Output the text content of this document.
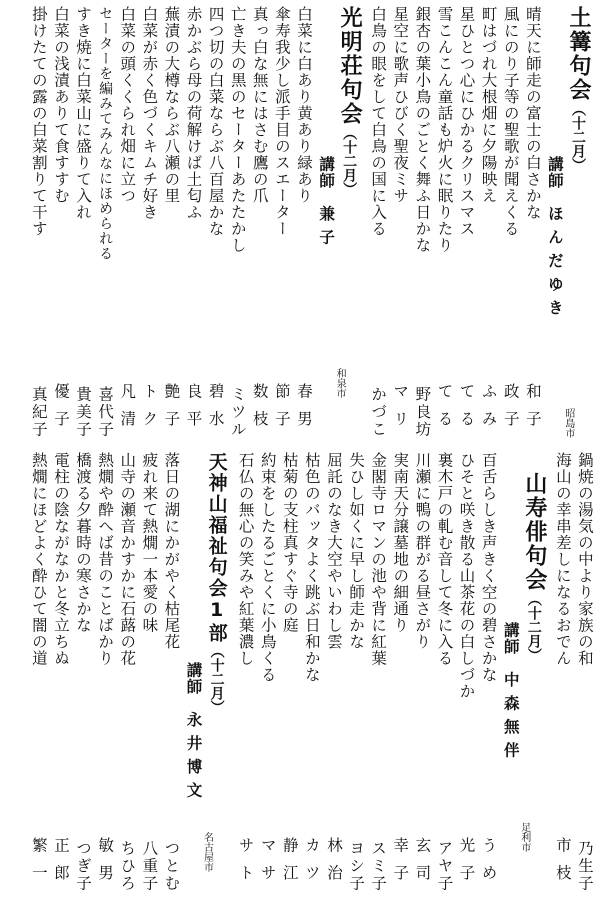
土篝句会（十二月）
講師　ほんだゆき
昭島市
晴天に師走の富士の白さかな
和子
風にのり子等の聖歌が聞えくる
政子
町はづれ大根畑に夕陽映え
ふみ
星ひとつ心にひかるクリスマス
てる
雪こんこん童話も炉火に眠りたり
てる
銀杏の葉小鳥のごとく舞ふ日かな
野良坊
星空に歌声ひびく聖夜ミサ
マリ
白鳥の眼をして白鳥の国に入る
かづこ
光明荘句会（十二月）
講師　兼子
和泉市
白菜に白あり黄あり緑あり
春男
傘寿我少し派手目のスエーター
節子
真っ白な無にはさむ鷹の爪
数枝
亡き夫の黒のセーターあたたかし
ミツル
四つ切の白菜ならぶ八百屋かな
碧水
赤かぶら母の荷解けば土匂ふ
良平
蕪漬の大樽ならぶ八瀬の里
艶子
白菜が赤く色づくキムチ好き
トク
白菜の頭くくられ畑に立つ
凡清
セーターを編みてみんなにほめられる
喜代子
すき焼に白菜山に盛りて入れ
貴美子
白菜の浅漬ありて食すすむ
優子
掛けたての露の白菜割りて干す
真紀子
鍋焼の湯気の中より家族の和
乃生子
海山の幸串差しになるおでん
市枝
山寿俳句会（十二月）
講師　中森無伴
足利市
百舌らしき声きく空の碧さかな
うめ
ひそと咲き散る山茶花の白しづか
光子
裏木戸の軋む音して冬に入る
アヤ子
川瀬に鴨の群がる昼さがり
玄司
実南天分譲墓地の細通り
幸子
金閣寺ロマンの池や背に紅葉
スミ子
失ひし如くに早し師走かな
ヨシ子
屈託のなき大空やいわし雲
林治
枯色のバッタよく跳ぶ日和かな
カツ
枯菊の支柱真すぐ寺の庭
静江
約束をしたるごとくに小鳥くる
マサ
石仏の無心の笑みや紅葉濃し
サト
天神山福祉句会1部（十二月）
講師　永井博文
名古屋市
落日の湖にかがやく枯尾花
つとむ
疲れ来て熱燗一本愛の味
八重子
山寺の瀬音かすかに石蕗の花
ちひろ
熱燗や酔へば昔のことばかり
敏男
橋渡る夕暮時の寒さかな
つぎ子
電柱の陰ながなかと冬立ちぬ
正郎
熱燗にほどよく酔ひて闇の道
繁一
